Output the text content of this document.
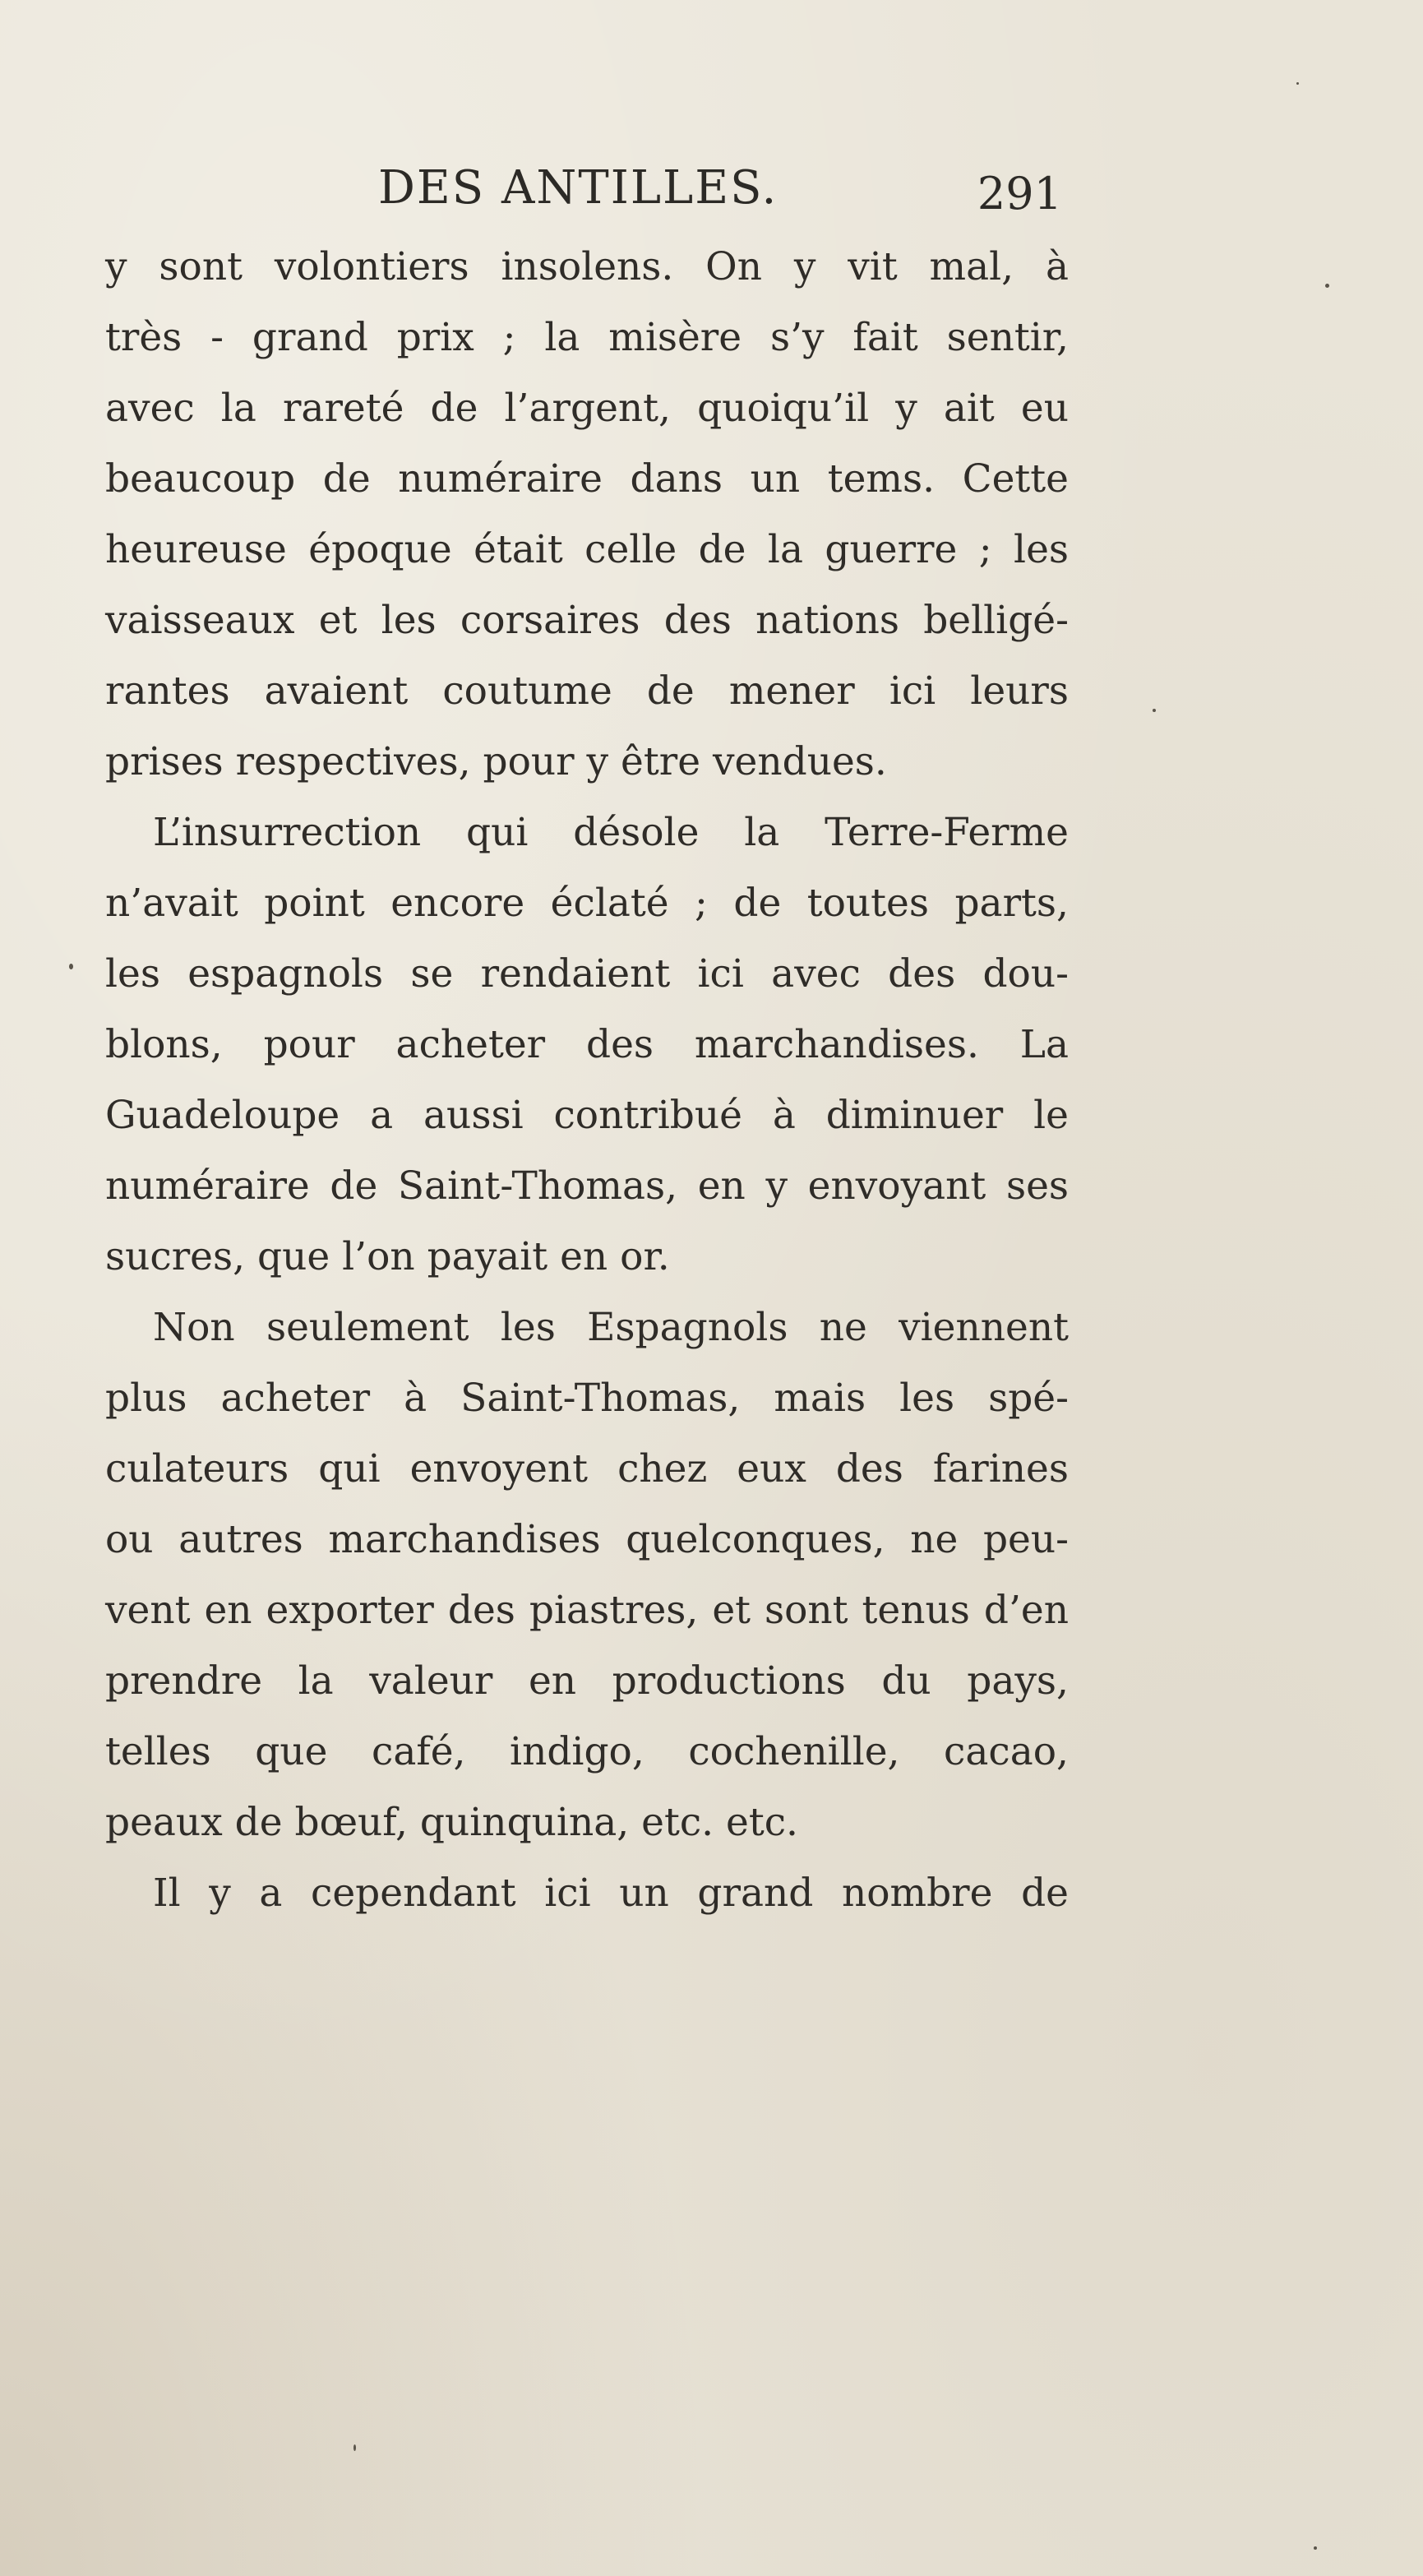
DES ANTILLES.	291
y sont volontiers insolens. On y vit mal, à
très - grand prix ; la misère s’y fait sentir,
avec la rareté de l’argent, quoiqu’il y ait eu
beaucoup de numéraire dans un tems. Cette
heureuse époque était celle de la guerre ; les
vaisseaux et les corsaires des nations belligé-
rantes avaient coutume de mener ici leurs
prises respectives, pour y être vendues.
L’insurrection qui désole la Terre-Ferme
n’avait point encore éclaté ; de toutes parts,
les espagnols se rendaient ici avec des dou-
blons, pour acheter des marchandises. La
Guadeloupe a aussi contribué à diminuer le
numéraire de Saint-Thomas, en y envoyant ses
sucres, que l’on payait en or.
Non seulement les Espagnols ne viennent
plus acheter à Saint-Thomas, mais les spé-
culateurs qui envoyent chez eux des farines
ou autres marchandises quelconques, ne peu-
vent en exporter des piastres, et sont tenus d’en
prendre la valeur en productions du pays,
telles que café, indigo, cochenille, cacao,
peaux de bœuf, quinquina, etc. etc.
Il y a cependant ici un grand nombre de
